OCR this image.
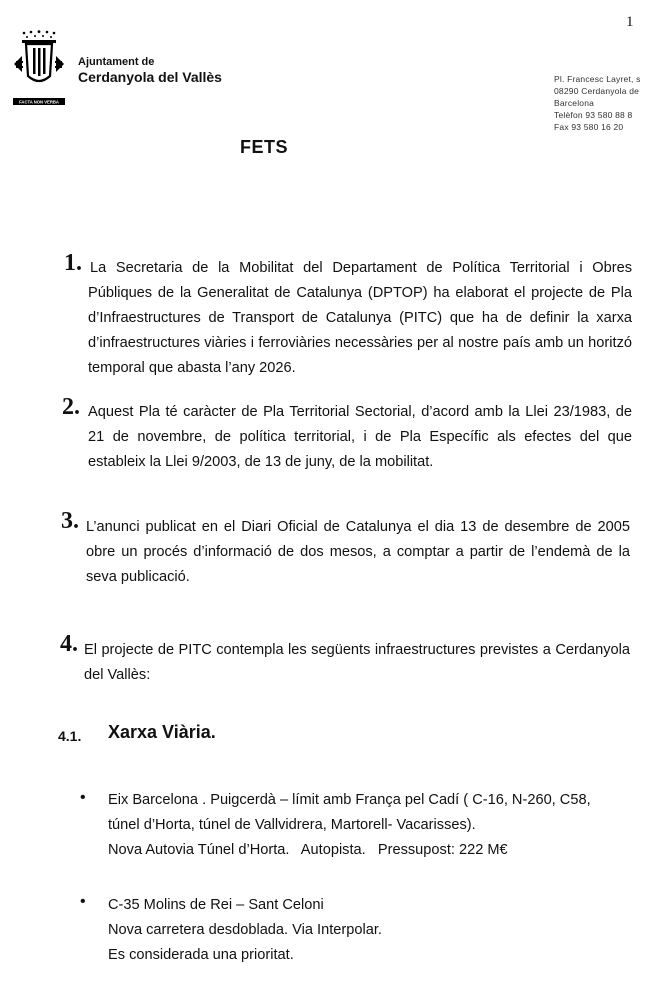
1
FACTA NON VERBA
Ajuntament de
Cerdanyola del Vallès	Pl. Francesc Layret, s
08290 Cerdanyola de
Barcelona
Telèfon 93 580 88 8
Fax 93 580 16 20
FETS
1. La Secretaria de la Mobilitat del Departament de Política Territorial i Obres Públiques de la Generalitat de Catalunya (DPTOP) ha elaborat el projecte de Pla d’Infraestructures de Transport de Catalunya (PITC) que ha de definir la xarxa d’infraestructures viàries i ferroviàries necessàries per al nostre país amb un horitzó temporal que abasta l’any 2026.
2. Aquest Pla té caràcter de Pla Territorial Sectorial, d’acord amb la Llei 23/1983, de 21 de novembre, de política territorial, i de Pla Específic als efectes del que estableix la Llei 9/2003, de 13 de juny, de la mobilitat.
3. L’anunci publicat en el Diari Oficial de Catalunya el dia 13 de desembre de 2005 obre un procés d’informació de dos mesos, a comptar a partir de l’endemà de la seva publicació.
4. El projecte de PITC contempla les següents infraestructures previstes a Cerdanyola del Vallès:
4.1. Xarxa Viària.
• Eix Barcelona . Puigcerdà – límit amb França pel Cadí ( C-16, N-260, C58,
túnel d’Horta, túnel de Vallvidrera, Martorell- Vacarisses).
Nova Autovia Túnel d’Horta.   Autopista.   Pressupost: 222 M€
• C-35 Molins de Rei – Sant Celoni
Nova carretera desdoblada. Via Interpolar.
Es considerada una prioritat.
